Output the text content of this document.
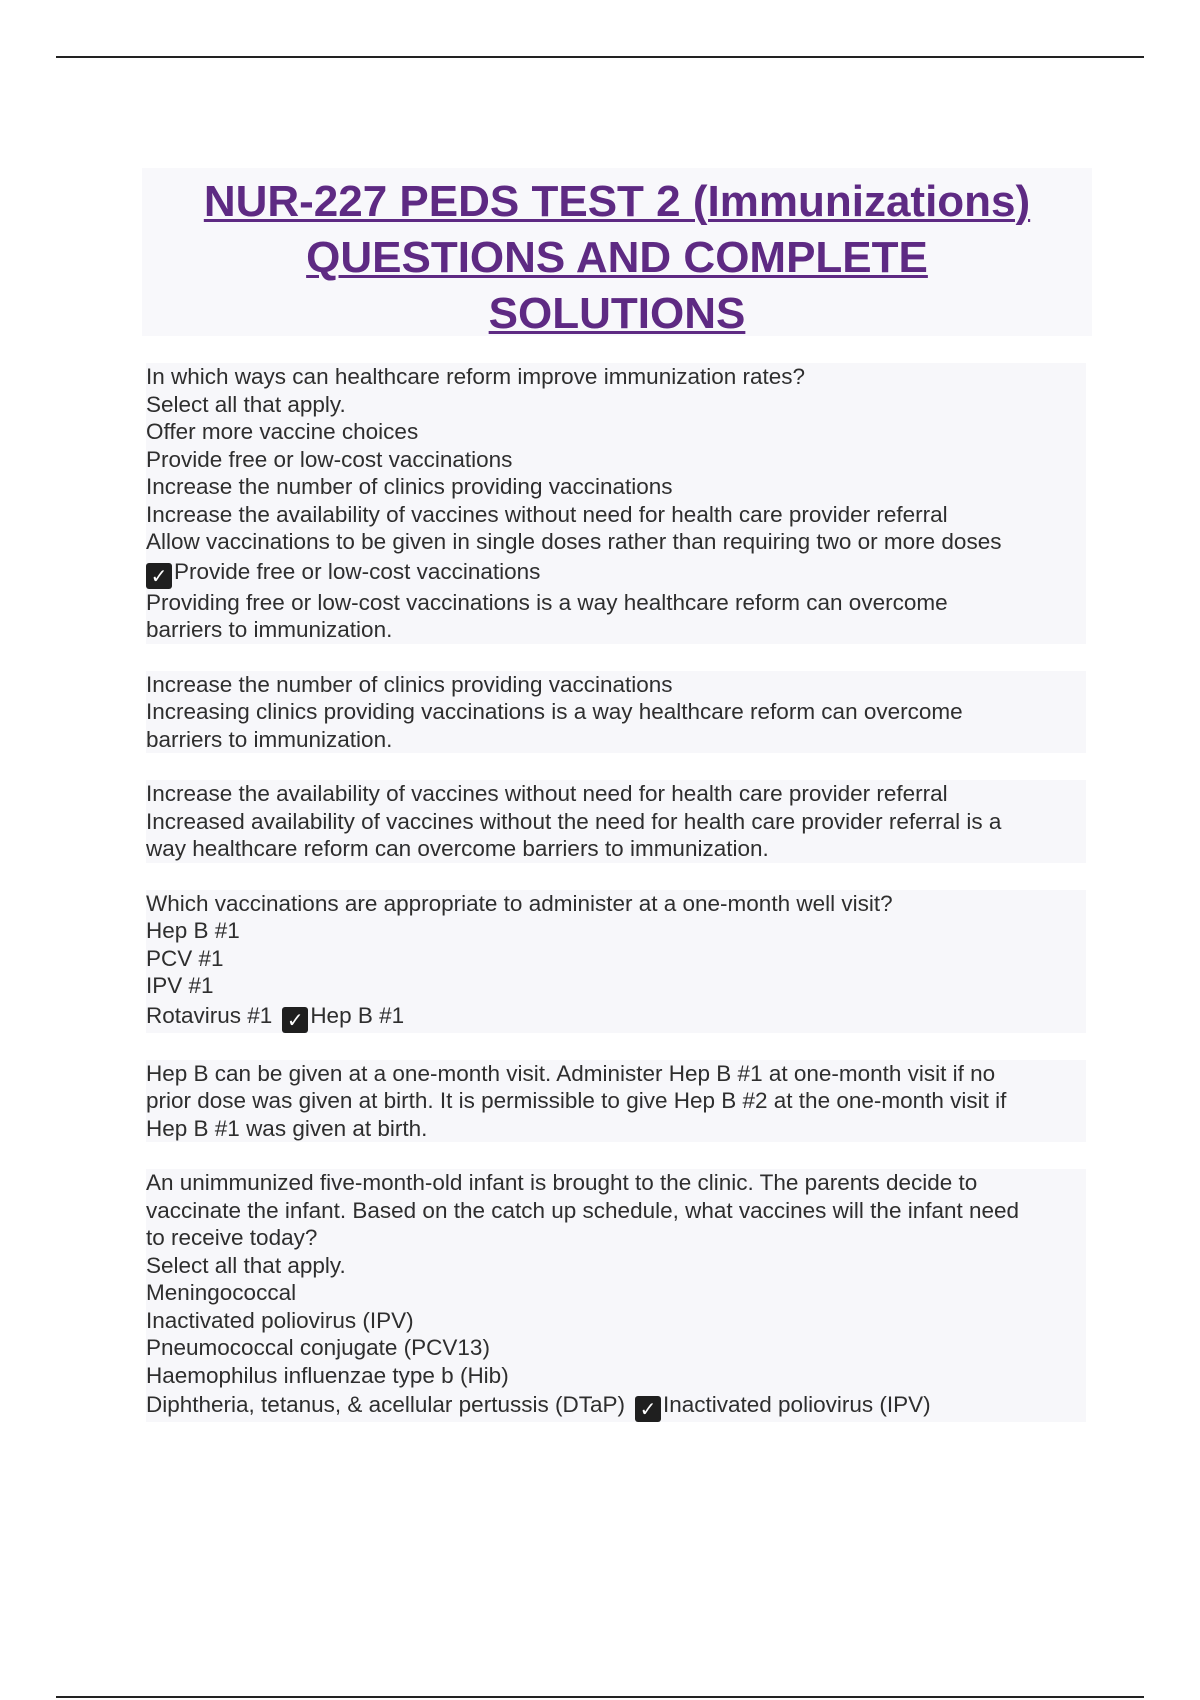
NUR-227 PEDS TEST 2 (Immunizations)
QUESTIONS AND COMPLETE
SOLUTIONS
In which ways can healthcare reform improve immunization rates?
Select all that apply.
Offer more vaccine choices
Provide free or low-cost vaccinations
Increase the number of clinics providing vaccinations
Increase the availability of vaccines without need for health care provider referral
Allow vaccinations to be given in single doses rather than requiring two or more doses
✓ Provide free or low-cost vaccinations
Providing free or low-cost vaccinations is a way healthcare reform can overcome
barriers to immunization.
Increase the number of clinics providing vaccinations
Increasing clinics providing vaccinations is a way healthcare reform can overcome
barriers to immunization.
Increase the availability of vaccines without need for health care provider referral
Increased availability of vaccines without the need for health care provider referral is a
way healthcare reform can overcome barriers to immunization.
Which vaccinations are appropriate to administer at a one-month well visit?
Hep B #1
PCV #1
IPV #1
Rotavirus #1 ✓ Hep B #1
Hep B can be given at a one-month visit. Administer Hep B #1 at one-month visit if no
prior dose was given at birth. It is permissible to give Hep B #2 at the one-month visit if
Hep B #1 was given at birth.
An unimmunized five-month-old infant is brought to the clinic. The parents decide to
vaccinate the infant. Based on the catch up schedule, what vaccines will the infant need
to receive today?
Select all that apply.
Meningococcal
Inactivated poliovirus (IPV)
Pneumococcal conjugate (PCV13)
Haemophilus influenzae type b (Hib)
Diphtheria, tetanus, & acellular pertussis (DTaP) ✓ Inactivated poliovirus (IPV)
